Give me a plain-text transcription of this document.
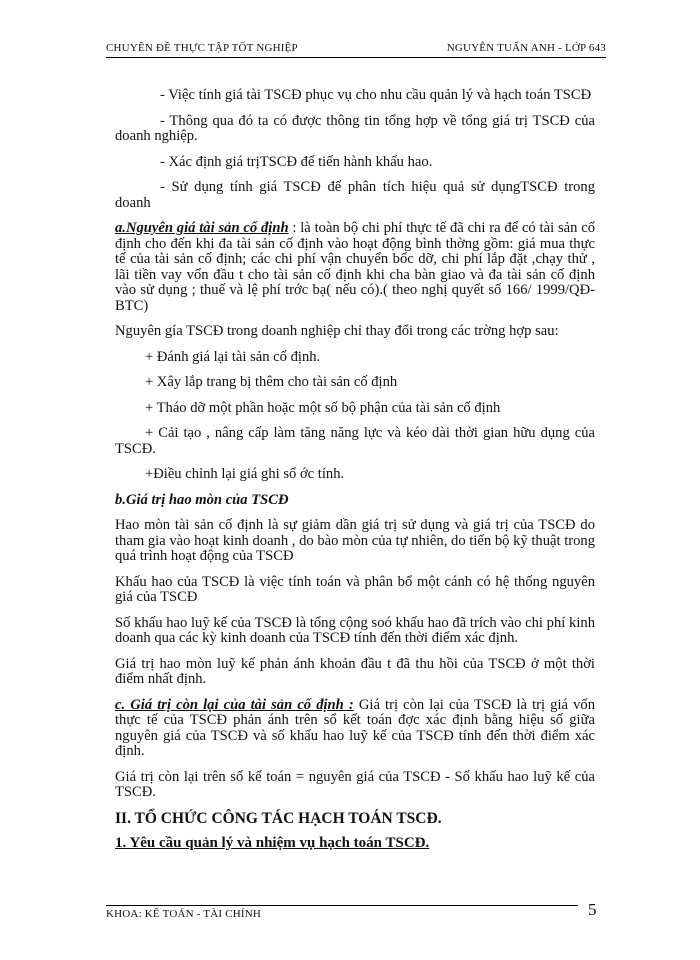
CHUYÊN ĐỀ THỰC TẬP TỐT NGHIỆP	NGUYỄN TUẤN ANH - LỚP 643

- Việc tính giá tài TSCĐ phục vụ cho nhu cầu quản lý và hạch toán TSCĐ

- Thông qua đó ta có được thông tin tổng hợp về tổng giá trị TSCĐ của doanh nghiệp.

- Xác định giá trịTSCĐ để tiến hành khấu hao.

- Sử dụng tính giá TSCĐ để phân tích hiệu quả sử dụngTSCĐ trong doanh

a.Nguyên giá tài sản cố định : là toàn bộ chi phí thực tế đã chi ra để có tài sản cố định cho đến khi đa tài sản cố định vào hoạt động bình thờng gồm: giá mua thực tế của tài sản cố định; các chi phí vận chuyển bốc dỡ, chi phí lắp đặt ,chạy thử , lãi tiền vay vốn đầu t cho tài sản cố định khi cha bàn giao và đa tài sản cố định vào sử dụng ; thuế và lệ phí trớc bạ( nếu có).( theo nghị quyết số 166/ 1999/QĐ-BTC)

Nguyên gía TSCĐ trong doanh nghiệp chỉ thay đổi trong các trờng hợp sau:

+ Đánh giá lại tài sản cố định.

+ Xây lắp trang bị thêm cho tài sản cố định

+ Tháo dỡ một phần hoặc một số bộ phận của tài sản cố định

+ Cải tạo , nâng cấp làm tăng năng lực và kéo dài thời gian hữu dụng của TSCĐ.

+Điều chỉnh lại giá ghi sổ ớc tính.

b.Giá trị hao mòn của TSCĐ

Hao mòn tài sản cố định là sự giảm dần giá trị sử dụng và giá trị của TSCĐ do tham gia vào hoạt kinh doanh , do bào mòn của tự nhiên, do tiến bộ kỹ thuật trong quá trình hoạt động của TSCĐ

Khấu hao của TSCĐ là việc tính toán và phân bổ một cánh có hệ thống nguyên giá của TSCĐ

Số khấu hao luỹ kế của TSCĐ là tổng cộng soó khấu hao đã trích vào chi phí kinh doanh qua các kỳ kinh doanh của TSCĐ tính đến thời điểm xác định.

Giá trị hao mòn luỹ kế phản ánh khoản đầu t đã thu hồi của TSCĐ ở một thời điểm nhất định.

c. Giá trị còn lại của tài sản cố định : Giá trị còn lại của TSCĐ là trị giá vốn thực tế của TSCĐ phản ánh trên sổ kết toán đợc xác định bằng hiệu số giữa nguyên giá của TSCĐ và số khấu hao luỹ kế của TSCĐ tính đến thời điểm xác định.

Giá trị còn lại trên sổ kế toán = nguyên giá của TSCĐ - Số khấu hao luỹ kế của TSCĐ.

II. TỔ CHỨC CÔNG TÁC HẠCH TOÁN TSCĐ.

1. Yêu cầu quản lý và nhiệm vụ hạch toán TSCĐ.

KHOA: KẾ TOÁN - TÀI CHÍNH	5
